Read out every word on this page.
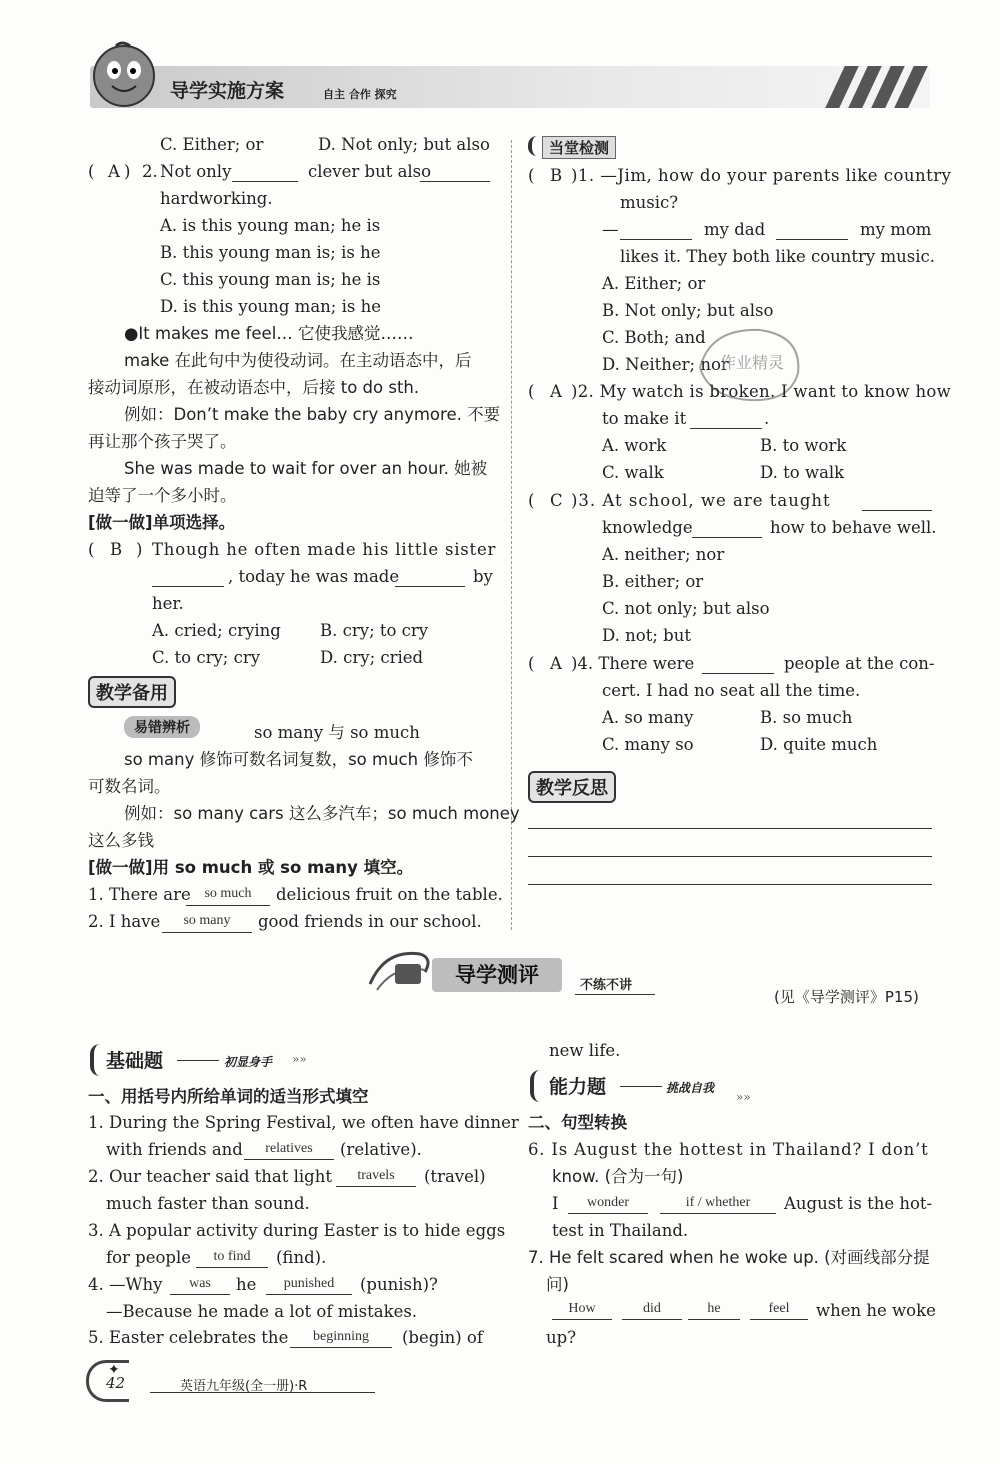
导学实施方案	自主 合作 探究
C. Either; or	D. Not only; but also
( A ) 2. Not only	clever but also
hardworking.
A. is this young man; he is
B. this young man is; is he
C. this young man is; he is
D. is this young man; is he
●It makes me feel… 它使我感觉……
make 在此句中为使役动词。在主动语态中，后
接动词原形，在被动语态中，后接 to do sth.
例如：Don’t make the baby cry anymore. 不要
再让那个孩子哭了。
She was made to wait for over an hour. 她被
迫等了一个多小时。
[做一做]单项选择。
( B ) Though he often made his little sister
, today he was made	by
her.
A. cried; crying B. cry; to cry
C. to cry; cry	D. cry; cried
教学备用
易错辨析	so many 与 so much
so many 修饰可数名词复数，so much 修饰不
可数名词。
例如：so many cars 这么多汽车；so much money
这么多钱
[做一做]用 so much 或 so many 填空。
1. There are so much	delicious fruit on the table.
2. I have	so many	good friends in our school.
当堂检测
( B )1. —Jim, how do your parents like country
music?
—	my dad	my mom
likes it. They both like country music.
A. Either; or
B. Not only; but also
C. Both; and
D. Neither; nor
作业精灵
( A )2. My watch is broken. I want to know how
to make it	.
A. work	B. to work
C. walk	D. to walk
( C )3. At school, we are taught
knowledge	how to behave well.
A. neither; nor
B. either; or
C. not only; but also
D. not; but
( A )4. There were	people at the con-
cert. I had no seat all the time.
A. so many	B. so much
C. many so	D. quite much
教学反思
导学测评	不练不讲
(见《导学测评》P15)
基础题	初显身手 »»
一、用括号内所给单词的适当形式填空
1. During the Spring Festival, we often have dinner
with friends and	relatives	(relative).
2. Our teacher said that light	travels	(travel)
much faster than sound.
3. A popular activity during Easter is to hide eggs
for people	to find	(find).
4. —Why	was	he	punished	(punish)?
—Because he made a lot of mistakes.
5. Easter celebrates the	beginning	(begin) of
new life.
能力题	挑战自我
»»
二、句型转换
6. Is August the hottest in Thailand? I don’t
know. (合为一句)
I	wonder	if / whether	August is the hot-
test in Thailand.
7. He felt scared when he woke up. (对画线部分提
问)
How	did	he	feel	when he woke
up?
✦
42	英语九年级(全一册)·R
